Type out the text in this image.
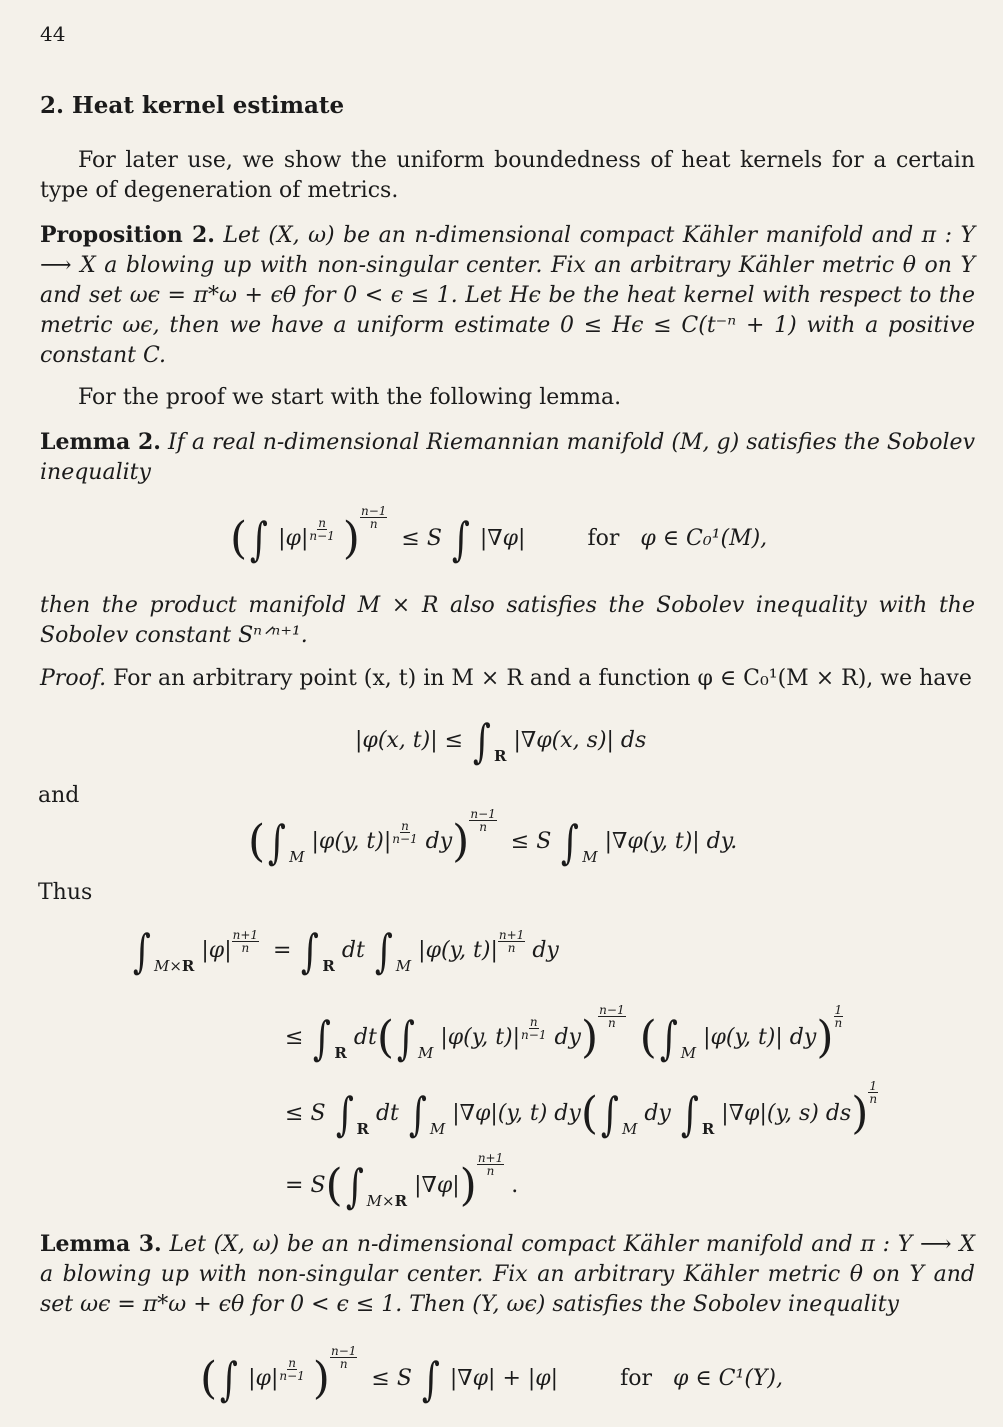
44
2. Heat kernel estimate
For later use, we show the uniform boundedness of heat kernels for a certain type of degeneration of metrics.
Proposition 2. Let (X, ω) be an n-dimensional compact Kähler manifold and π : Y ⟶ X a blowing up with non-singular center. Fix an arbitrary Kähler metric θ on Y and set ωϵ = π*ω + ϵθ for 0 < ϵ ≤ 1. Let Hϵ be the heat kernel with respect to the metric ωϵ, then we have a uniform estimate 0 ≤ Hϵ ≤ C(t⁻ⁿ + 1) with a positive constant C.
For the proof we start with the following lemma.
Lemma 2. If a real n-dimensional Riemannian manifold (M, g) satisfies the Sobolev inequality
(∫ $|\varphi| \frac{n}{n-1}$ ) $\frac{n-1}{n}$
≤ S ∫ |∇φ|	for φ ∈ C₀¹(M),
then the product manifold M × R also satisfies the Sobolev inequality with the Sobolev constant Sⁿᐟⁿ⁺¹.
Proof. For an arbitrary point (x, t) in M × R and a function φ ∈ C₀¹(M × R), we have
|φ(x, t)| ≤ ∫ $_R$ |∇φ(x, s)| ds
and
(∫ $_M$ |φ(y, $t)| \frac{n}{n-1} dy) \frac{n-1}{n}$
≤ S ∫ $_M$ |∇φ(y, t)| dy.
Thus
∫ $_{M\times R}$ $|\varphi| \frac{n+1}{n}$ = ∫ $_R$ dt ∫ $_M$ |φ(y, $t)| \frac{n+1}{n}$ dy
≤ ∫ $_R$ dt(∫ $_M$ |φ(y, $t)| \frac{n}{n-1} dy) \frac{n-1}{n}$ (∫ $_M$ |φ(y, t)| $dy) \frac{1}{n}$
≤ S ∫ $_R$ dt ∫ $_M$ |∇φ|(y, t) dy(∫ $_M$ dy ∫ $_R$ |∇φ|(y, s) $ds) \frac{1}{n}$
= S(∫ $_{M\times R}$ $|\nabla\varphi|) \frac{n+1}{n}$
.
Lemma 3. Let (X, ω) be an n-dimensional compact Kähler manifold and π : Y ⟶ X a blowing up with non-singular center. Fix an arbitrary Kähler metric θ on Y and set ωϵ = π*ω + ϵθ for 0 < ϵ ≤ 1. Then (Y, ωϵ) satisfies the Sobolev inequality
(∫ $|\varphi| \frac{n}{n-1}$ ) $\frac{n-1}{n}$
≤ S ∫ |∇φ| + |φ|	for φ ∈ C¹(Y),
